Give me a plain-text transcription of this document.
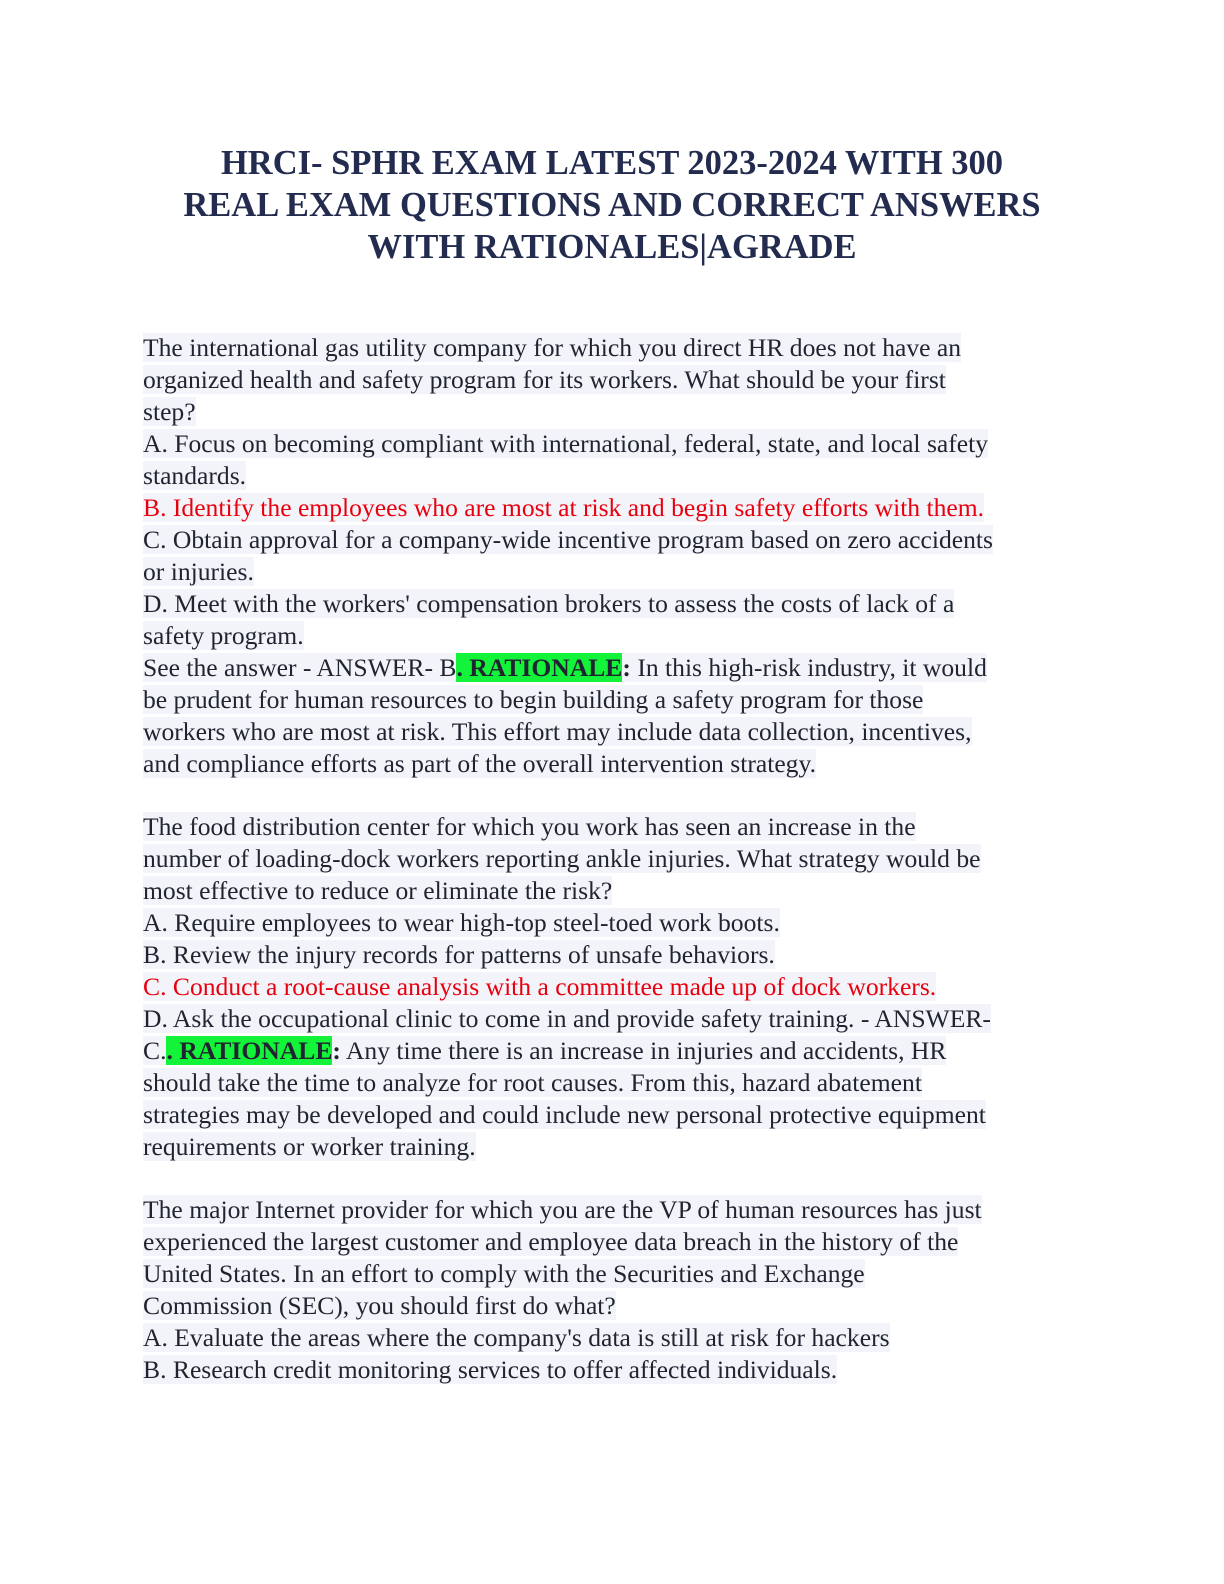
HRCI- SPHR EXAM LATEST 2023-2024 WITH 300
REAL EXAM QUESTIONS AND CORRECT ANSWERS
WITH RATIONALES|AGRADE
The international gas utility company for which you direct HR does not have an
organized health and safety program for its workers. What should be your first
step?
A. Focus on becoming compliant with international, federal, state, and local safety
standards.
B. Identify the employees who are most at risk and begin safety efforts with them.
C. Obtain approval for a company-wide incentive program based on zero accidents
or injuries.
D. Meet with the workers' compensation brokers to assess the costs of lack of a
safety program.
See the answer - ANSWER- B. RATIONALE: In this high-risk industry, it would
be prudent for human resources to begin building a safety program for those
workers who are most at risk. This effort may include data collection, incentives,
and compliance efforts as part of the overall intervention strategy.
The food distribution center for which you work has seen an increase in the
number of loading-dock workers reporting ankle injuries. What strategy would be
most effective to reduce or eliminate the risk?
A. Require employees to wear high-top steel-toed work boots.
B. Review the injury records for patterns of unsafe behaviors.
C. Conduct a root-cause analysis with a committee made up of dock workers.
D. Ask the occupational clinic to come in and provide safety training. - ANSWER-
C.. RATIONALE: Any time there is an increase in injuries and accidents, HR
should take the time to analyze for root causes. From this, hazard abatement
strategies may be developed and could include new personal protective equipment
requirements or worker training.
The major Internet provider for which you are the VP of human resources has just
experienced the largest customer and employee data breach in the history of the
United States. In an effort to comply with the Securities and Exchange
Commission (SEC), you should first do what?
A. Evaluate the areas where the company's data is still at risk for hackers
B. Research credit monitoring services to offer affected individuals.
